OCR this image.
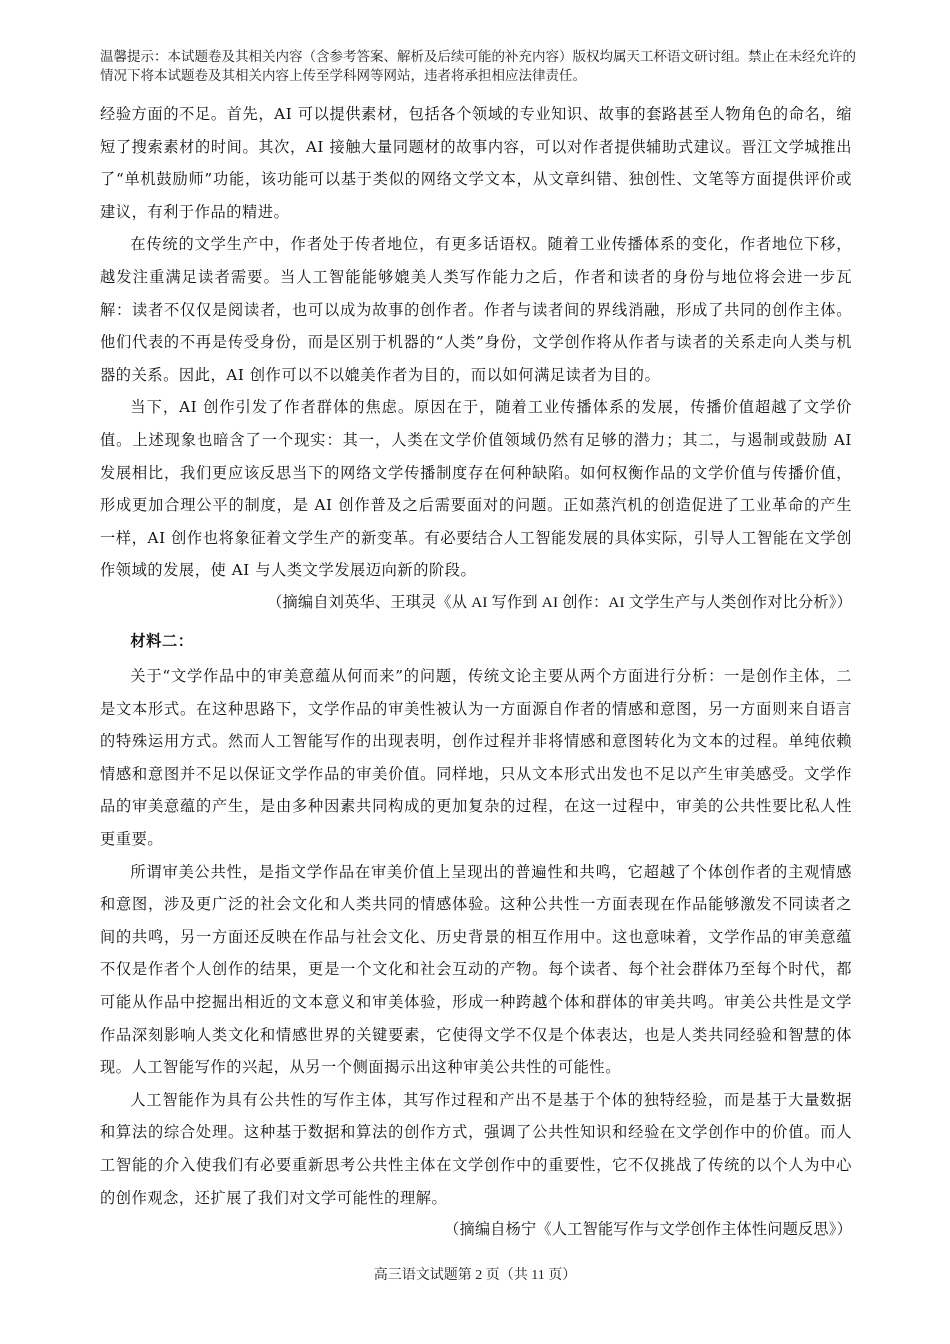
温馨提示：本试题卷及其相关内容（含参考答案、解析及后续可能的补充内容）版权均属天工杯语文研讨组。禁止在未经允许的情况下将本试题卷及其相关内容上传至学科网等网站，违者将承担相应法律责任。

经验方面的不足。首先，AI 可以提供素材，包括各个领域的专业知识、故事的套路甚至人物角色的命名，缩短了搜索素材的时间。其次，AI 接触大量同题材的故事内容，可以对作者提供辅助式建议。晋江文学城推出了“单机鼓励师”功能，该功能可以基于类似的网络文学文本，从文章纠错、独创性、文笔等方面提供评价或建议，有利于作品的精进。

在传统的文学生产中，作者处于传者地位，有更多话语权。随着工业传播体系的变化，作者地位下移，越发注重满足读者需要。当人工智能能够媲美人类写作能力之后，作者和读者的身份与地位将会进一步瓦解：读者不仅仅是阅读者，也可以成为故事的创作者。作者与读者间的界线消融，形成了共同的创作主体。他们代表的不再是传受身份，而是区别于机器的“人类”身份，文学创作将从作者与读者的关系走向人类与机器的关系。因此，AI 创作可以不以媲美作者为目的，而以如何满足读者为目的。

当下，AI 创作引发了作者群体的焦虑。原因在于，随着工业传播体系的发展，传播价值超越了文学价值。上述现象也暗含了一个现实：其一，人类在文学价值领域仍然有足够的潜力；其二，与遏制或鼓励 AI 发展相比，我们更应该反思当下的网络文学传播制度存在何种缺陷。如何权衡作品的文学价值与传播价值，形成更加合理公平的制度，是 AI 创作普及之后需要面对的问题。正如蒸汽机的创造促进了工业革命的产生一样，AI 创作也将象征着文学生产的新变革。有必要结合人工智能发展的具体实际，引导人工智能在文学创作领域的发展，使 AI 与人类文学发展迈向新的阶段。

（摘编自刘英华、王琪灵《从 AI 写作到 AI 创作：AI 文学生产与人类创作对比分析》）

材料二：

关于“文学作品中的审美意蕴从何而来”的问题，传统文论主要从两个方面进行分析：一是创作主体，二是文本形式。在这种思路下，文学作品的审美性被认为一方面源自作者的情感和意图，另一方面则来自语言的特殊运用方式。然而人工智能写作的出现表明，创作过程并非将情感和意图转化为文本的过程。单纯依赖情感和意图并不足以保证文学作品的审美价值。同样地，只从文本形式出发也不足以产生审美感受。文学作品的审美意蕴的产生，是由多种因素共同构成的更加复杂的过程，在这一过程中，审美的公共性要比私人性更重要。

所谓审美公共性，是指文学作品在审美价值上呈现出的普遍性和共鸣，它超越了个体创作者的主观情感和意图，涉及更广泛的社会文化和人类共同的情感体验。这种公共性一方面表现在作品能够激发不同读者之间的共鸣，另一方面还反映在作品与社会文化、历史背景的相互作用中。这也意味着，文学作品的审美意蕴不仅是作者个人创作的结果，更是一个文化和社会互动的产物。每个读者、每个社会群体乃至每个时代，都可能从作品中挖掘出相近的文本意义和审美体验，形成一种跨越个体和群体的审美共鸣。审美公共性是文学作品深刻影响人类文化和情感世界的关键要素，它使得文学不仅是个体表达，也是人类共同经验和智慧的体现。人工智能写作的兴起，从另一个侧面揭示出这种审美公共性的可能性。

人工智能作为具有公共性的写作主体，其写作过程和产出不是基于个体的独特经验，而是基于大量数据和算法的综合处理。这种基于数据和算法的创作方式，强调了公共性知识和经验在文学创作中的价值。而人工智能的介入使我们有必要重新思考公共性主体在文学创作中的重要性，它不仅挑战了传统的以个人为中心的创作观念，还扩展了我们对文学可能性的理解。

（摘编自杨宁《人工智能写作与文学创作主体性问题反思》）

高三语文试题第 2 页（共 11 页）
